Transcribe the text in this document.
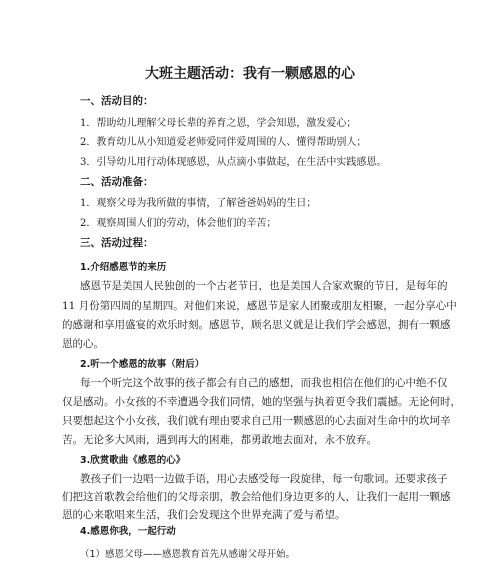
大班主题活动：我有一颗感恩的心
一、活动目的：
1．帮助幼儿理解父母长辈的养育之恩，学会知恩，激发爱心；
2．教育幼儿从小知道爱老师爱同伴爱周围的人、懂得帮助别人；
3．引导幼儿用行动体现感恩，从点滴小事做起，在生活中实践感恩。
二、活动准备：
1．观察父母为我所做的事情，了解爸爸妈妈的生日；
2．观察周围人们的劳动，体会他们的辛苦；
三、活动过程：
1.介绍感恩节的来历
感恩节是美国人民独创的一个古老节日，也是美国人合家欢聚的节日，是每年的
11 月份第四周的星期四。对他们来说，感恩节是家人团聚或朋友相聚，一起分享心中
的感谢和享用盛宴的欢乐时刻。感恩节，顾名思义就是让我们学会感恩，拥有一颗感
恩的心。
2.听一个感恩的故事（附后）
每一个听完这个故事的孩子都会有自己的感想，而我也相信在他们的心中绝不仅
仅是感动。小女孩的不幸遭遇令我们同情，她的坚强与执着更令我们震撼。无论何时，
只要想起这个小女孩，我们就有理由要求自己用一颗感恩的心去面对生命中的坎坷辛
苦。无论多大风雨，遇到再大的困难，都勇敢地去面对，永不放弃。
3.欣赏歌曲《感恩的心》
教孩子们一边唱一边做手语，用心去感受每一段旋律，每一句歌词。还要求孩子
们把这首歌教会给他们的父母亲朋，教会给他们身边更多的人，让我们一起用一颗感
恩的心来歌唱来生活，我们会发现这个世界充满了爱与希望。
4.感恩你我，一起行动
（1）感恩父母——感恩教育首先从感谢父母开始。
